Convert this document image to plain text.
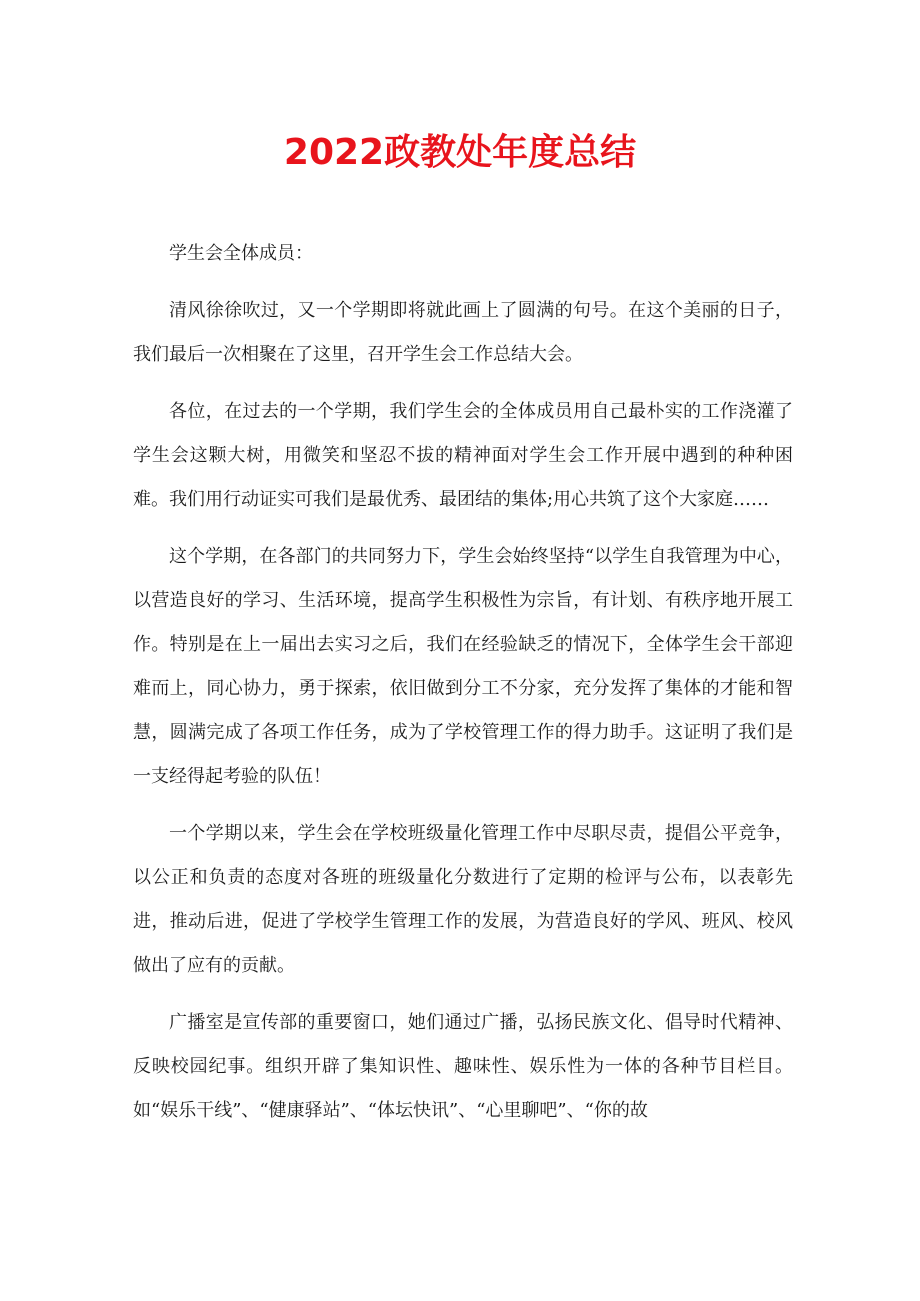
2022政教处年度总结

学生会全体成员：

清风徐徐吹过，又一个学期即将就此画上了圆满的句号。在这个美丽的日子，我们最后一次相聚在了这里，召开学生会工作总结大会。

各位，在过去的一个学期，我们学生会的全体成员用自己最朴实的工作浇灌了学生会这颗大树，用微笑和坚忍不拔的精神面对学生会工作开展中遇到的种种困难。我们用行动证实可我们是最优秀、最团结的集体;用心共筑了这个大家庭……

这个学期，在各部门的共同努力下，学生会始终坚持“以学生自我管理为中心，以营造良好的学习、生活环境，提高学生积极性为宗旨，有计划、有秩序地开展工作。特别是在上一届出去实习之后，我们在经验缺乏的情况下，全体学生会干部迎难而上，同心协力，勇于探索，依旧做到分工不分家，充分发挥了集体的才能和智慧，圆满完成了各项工作任务，成为了学校管理工作的得力助手。这证明了我们是一支经得起考验的队伍！

一个学期以来，学生会在学校班级量化管理工作中尽职尽责，提倡公平竞争，以公正和负责的态度对各班的班级量化分数进行了定期的检评与公布，以表彰先进，推动后进，促进了学校学生管理工作的发展，为营造良好的学风、班风、校风做出了应有的贡献。

广播室是宣传部的重要窗口，她们通过广播，弘扬民族文化、倡导时代精神、反映校园纪事。组织开辟了集知识性、趣味性、娱乐性为一体的各种节目栏目。如“娱乐干线”、“健康驿站”、“体坛快讯”、“心里聊吧”、“你的故
